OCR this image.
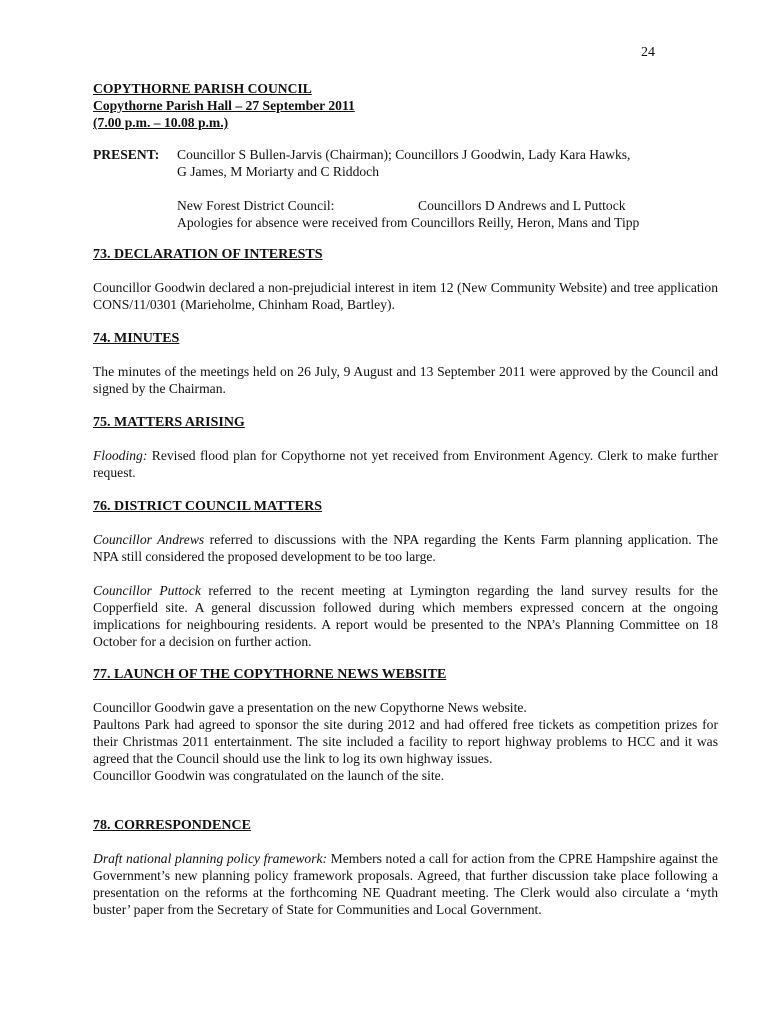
24
COPYTHORNE PARISH COUNCIL
Copythorne Parish Hall – 27 September 2011
(7.00 p.m. – 10.08 p.m.)
PRESENT: Councillor S Bullen-Jarvis (Chairman); Councillors J Goodwin, Lady Kara Hawks,

G James, M Moriarty and C Riddoch

New Forest District Council:	Councillors D Andrews and L Puttock

Apologies for absence were received from Councillors Reilly, Heron, Mans and Tipp

73. DECLARATION OF INTERESTS

Councillor Goodwin declared a non-prejudicial interest in item 12 (New Community Website) and tree application CONS/11/0301 (Marieholme, Chinham Road, Bartley).

74. MINUTES

The minutes of the meetings held on 26 July, 9 August and 13 September 2011 were approved by the Council and signed by the Chairman.

75. MATTERS ARISING

Flooding: Revised flood plan for Copythorne not yet received from Environment Agency. Clerk to make further request.

76. DISTRICT COUNCIL MATTERS

Councillor Andrews referred to discussions with the NPA regarding the Kents Farm planning application. The NPA still considered the proposed development to be too large.

Councillor Puttock referred to the recent meeting at Lymington regarding the land survey results for the Copperfield site. A general discussion followed during which members expressed concern at the ongoing implications for neighbouring residents. A report would be presented to the NPA’s Planning Committee on 18 October for a decision on further action.

77. LAUNCH OF THE COPYTHORNE NEWS WEBSITE

Councillor Goodwin gave a presentation on the new Copythorne News website.

Paultons Park had agreed to sponsor the site during 2012 and had offered free tickets as competition prizes for their Christmas 2011 entertainment. The site included a facility to report highway problems to HCC and it was agreed that the Council should use the link to log its own highway issues.

Councillor Goodwin was congratulated on the launch of the site.

78. CORRESPONDENCE

Draft national planning policy framework: Members noted a call for action from the CPRE Hampshire against the Government’s new planning policy framework proposals. Agreed, that further discussion take place following a presentation on the reforms at the forthcoming NE Quadrant meeting. The Clerk would also circulate a ‘myth buster’ paper from the Secretary of State for Communities and Local Government.
